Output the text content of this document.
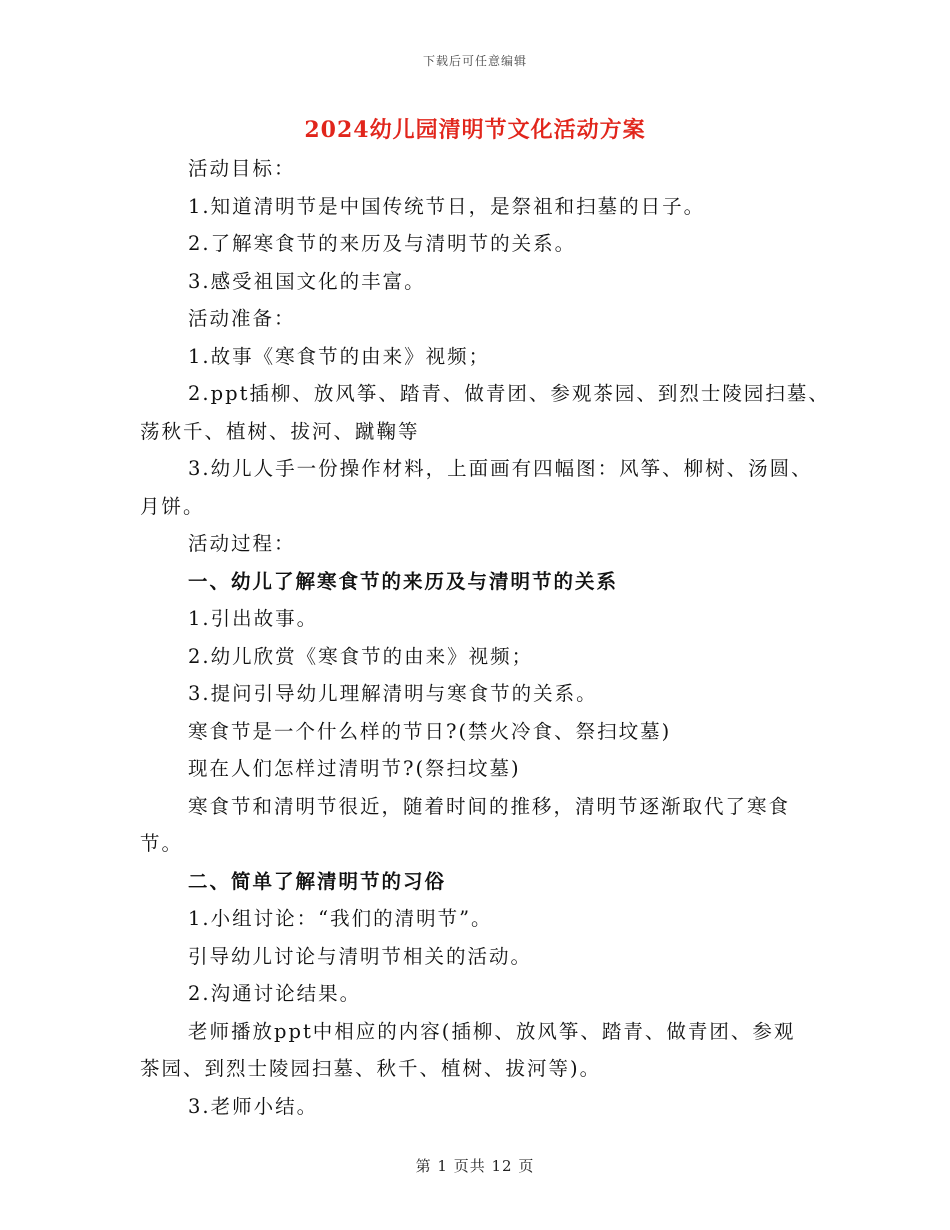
下载后可任意编辑
2024幼儿园清明节文化活动方案

活动目标：

1.知道清明节是中国传统节日，是祭祖和扫墓的日子。

2.了解寒食节的来历及与清明节的关系。

3.感受祖国文化的丰富。

活动准备：

1.故事《寒食节的由来》视频；

2.ppt插柳、放风筝、踏青、做青团、参观茶园、到烈士陵园扫墓、

荡秋千、植树、拔河、蹴鞠等

3.幼儿人手一份操作材料，上面画有四幅图：风筝、柳树、汤圆、

月饼。

活动过程：

一、幼儿了解寒食节的来历及与清明节的关系

1.引出故事。

2.幼儿欣赏《寒食节的由来》视频；

3.提问引导幼儿理解清明与寒食节的关系。

寒食节是一个什么样的节日?(禁火冷食、祭扫坟墓)

现在人们怎样过清明节?(祭扫坟墓)

寒食节和清明节很近，随着时间的推移，清明节逐渐取代了寒食

节。

二、简单了解清明节的习俗

1.小组讨论：“我们的清明节”。

引导幼儿讨论与清明节相关的活动。

2.沟通讨论结果。

老师播放ppt中相应的内容(插柳、放风筝、踏青、做青团、参观

茶园、到烈士陵园扫墓、秋千、植树、拔河等)。

3.老师小结。

第 1 页共 12 页
